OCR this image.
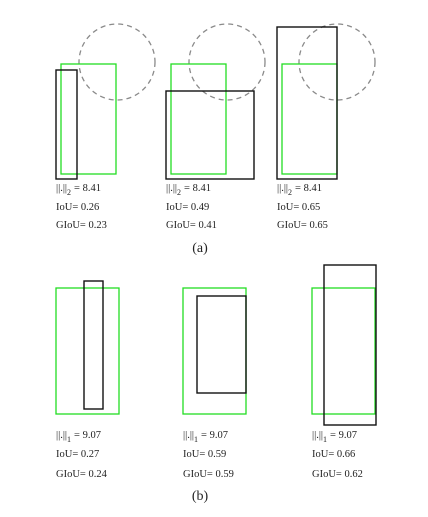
$||.||_2$ $^{= 8.41}$
IoU= 0.26
GIoU= 0.23
$||.||_2$ $^{= 8.41}$
IoU= 0.49
GIoU= 0.41
$||.||_2$ $^{= 8.41}$
IoU= 0.65
GIoU= 0.65
(a)
$||.||_1$ $^{= 9.07}$
IoU= 0.27
GIoU= 0.24
$||.||_1$ $^{= 9.07}$
IoU= 0.59
GIoU= 0.59
$||.||_1$ $^{= 9.07}$
IoU= 0.66
GIoU= 0.62
(b)
